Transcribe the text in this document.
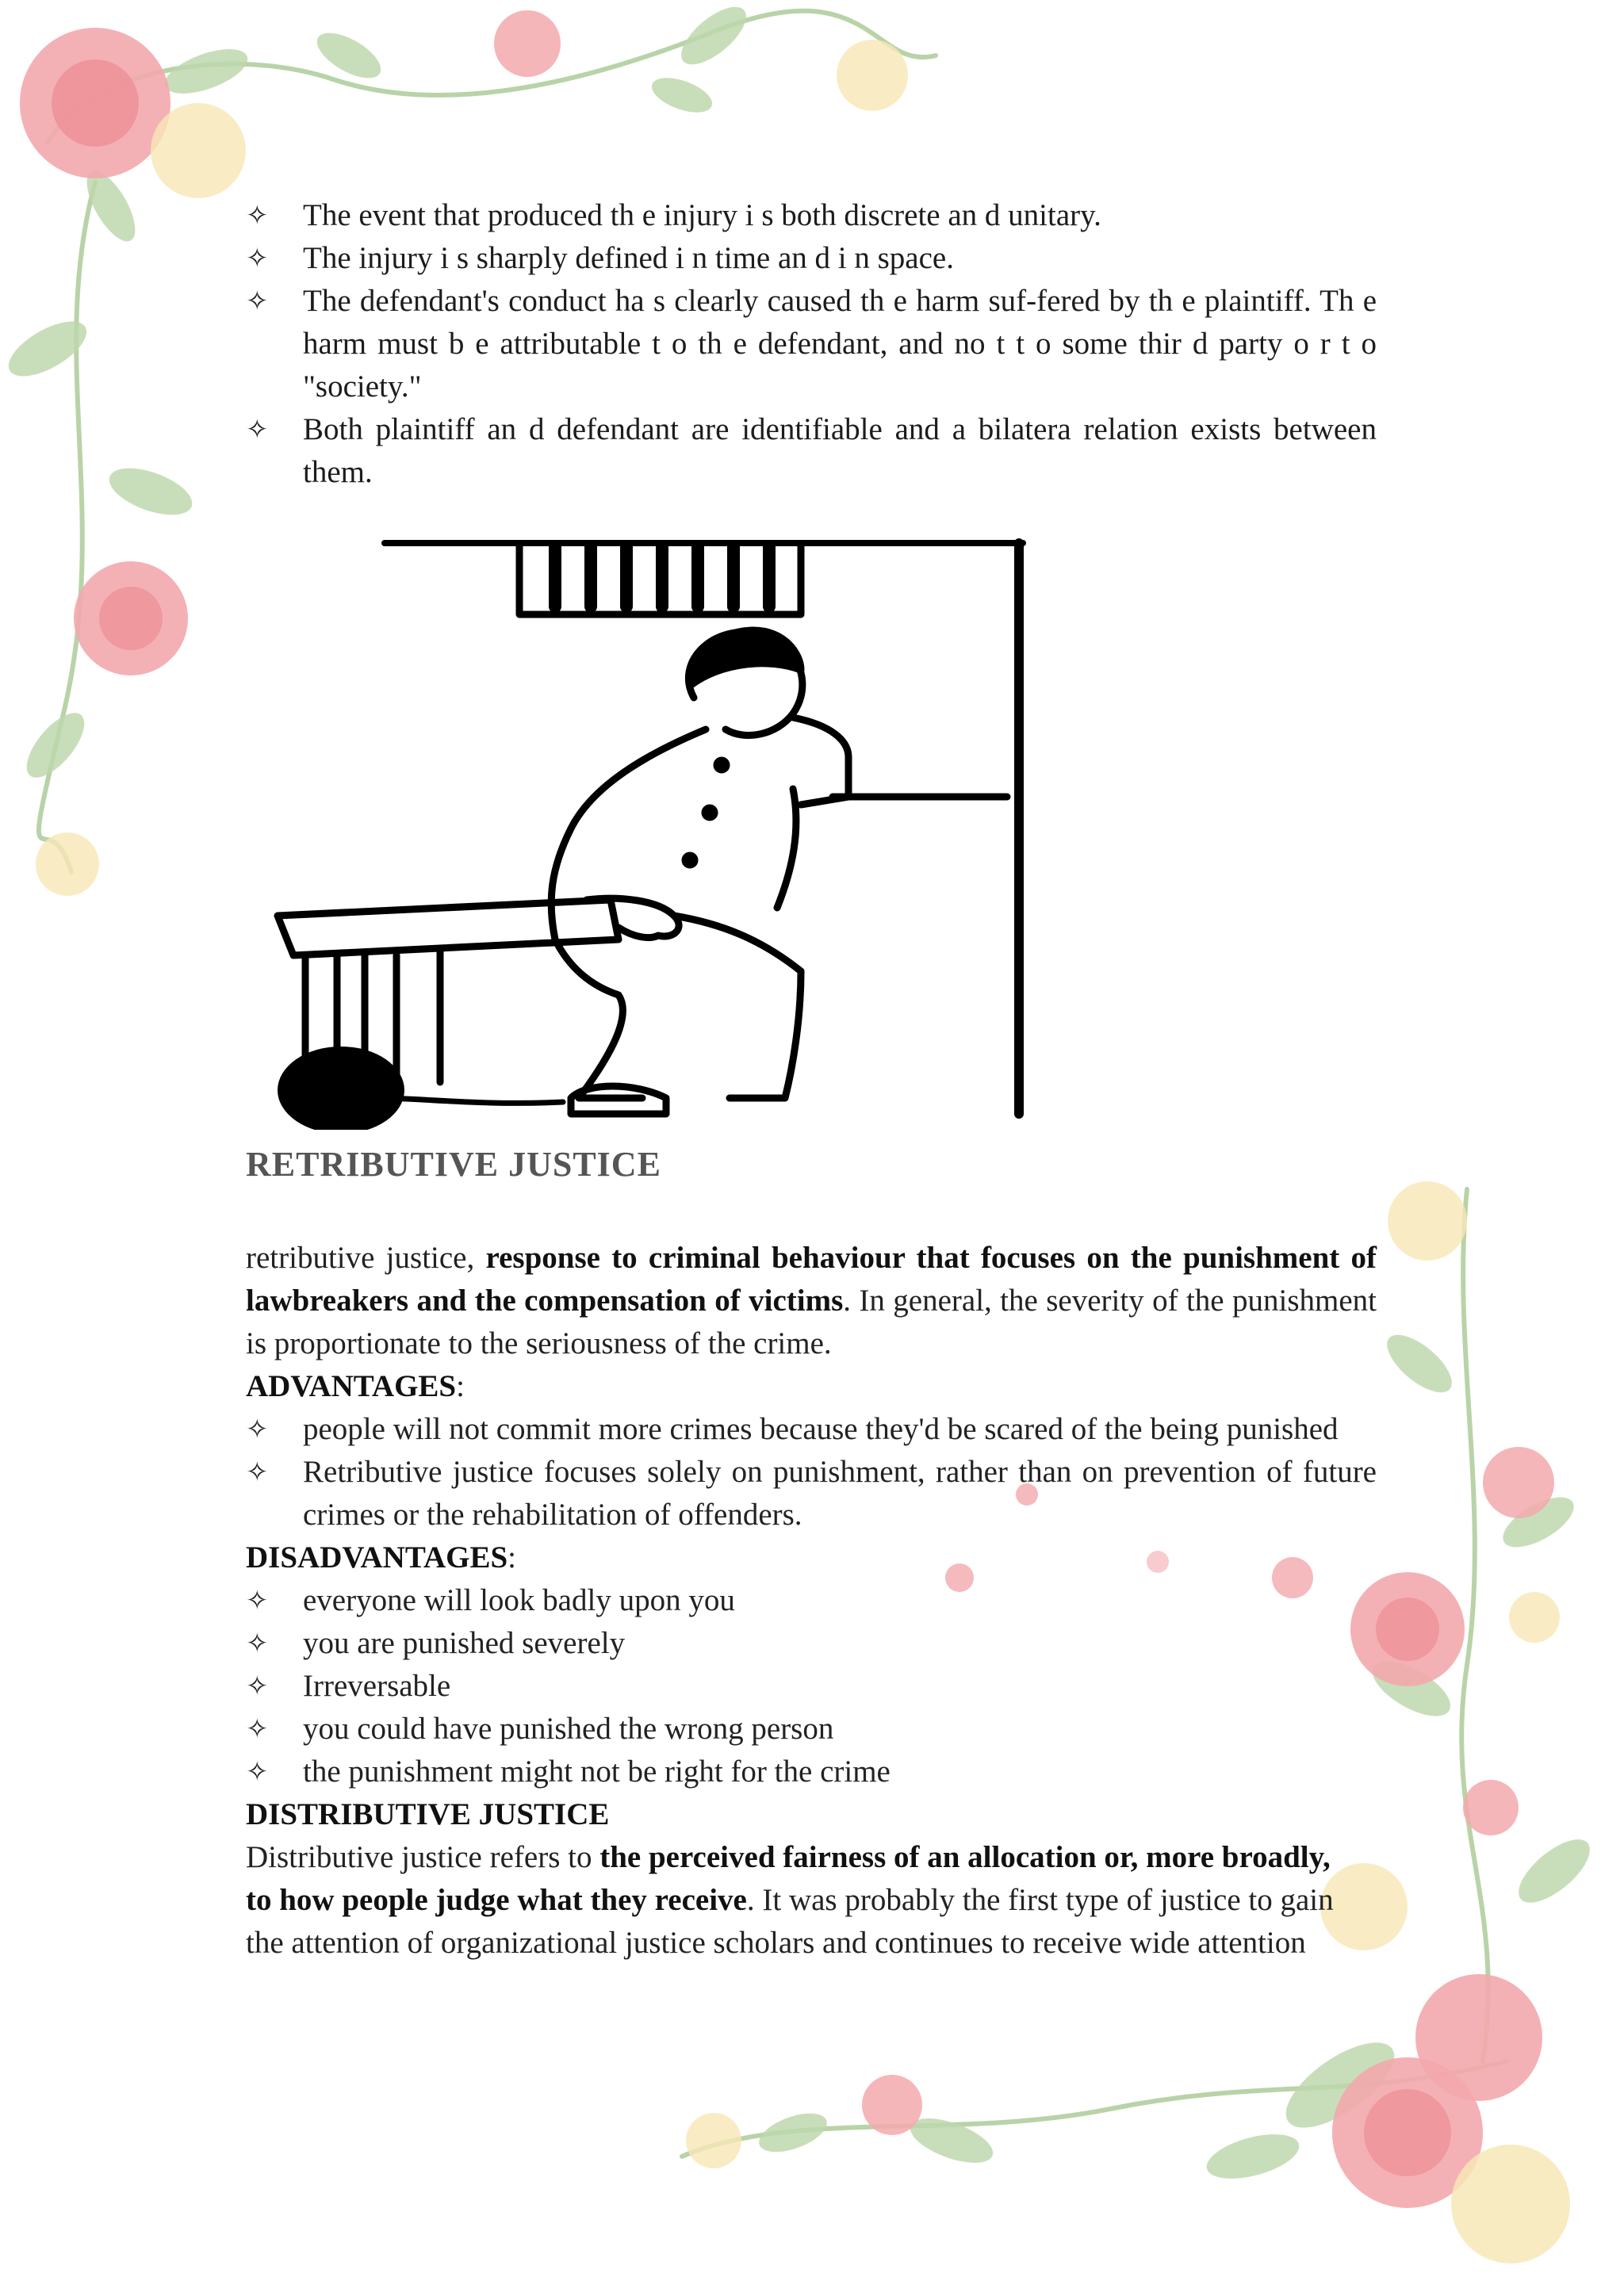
✧ The event that produced th e injury i s both discrete an d unitary.
✧ The injury i s sharply defined i n time an d i n space.
✧ The defendant's conduct ha s clearly caused th e harm suf-fered by th e plaintiff. Th e harm must b e attributable t o th e defendant, and no t t o some thir d party o r t o "society."
✧ Both plaintiff an d defendant are identifiable and a bilatera relation exists between them.
RETRIBUTIVE JUSTICE

retributive justice, response to criminal behaviour that focuses on the punishment of lawbreakers and the compensation of victims. In general, the severity of the punishment is proportionate to the seriousness of the crime.

ADVANTAGES:

✧ people will not commit more crimes because they'd be scared of the being punished
✧ Retributive justice focuses solely on punishment, rather than on prevention of future crimes or the rehabilitation of offenders.

DISADVANTAGES:

✧ everyone will look badly upon you
✧ you are punished severely
✧ Irreversable
✧ you could have punished the wrong person
✧ the punishment might not be right for the crime
DISTRIBUTIVE JUSTICE

Distributive justice refers to the perceived fairness of an allocation or, more broadly, to how people judge what they receive. It was probably the first type of justice to gain the attention of organizational justice scholars and continues to receive wide attention
